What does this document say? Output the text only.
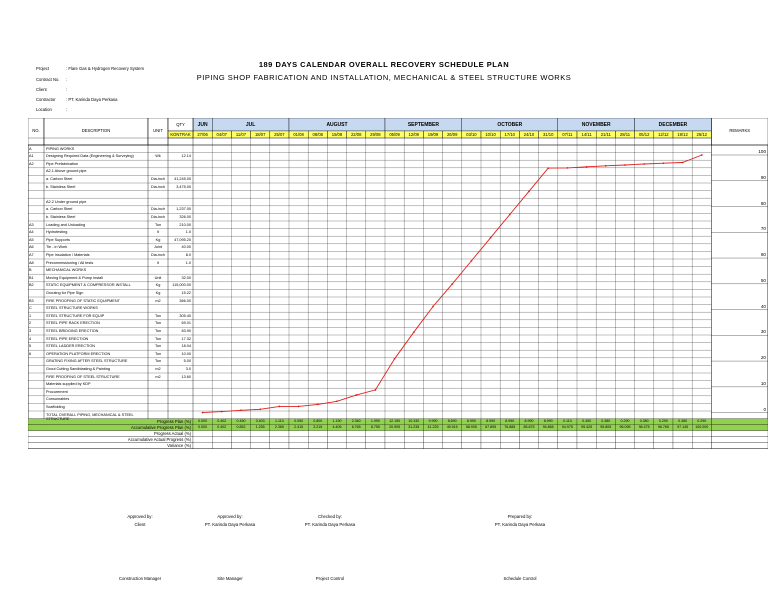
189 DAYS CALENDAR OVERALL RECOVERY SCHEDULE PLAN
PIPING SHOP FABRICATION AND INSTALLATION, MECHANICAL & STEEL STRUCTURE WORKS
Project	: Flare Gas & Hydrogen Recovery System
Contract No. :
Client	:
Contractor : PT. Karinda Daya Perkasa
Location	:
JUN	JUL	AUGUST	SEPTEMBER	OCTOBER	NOVEMBER	DECEMBER
27/06	04/07	11/07	18/07	25/07	01/08	08/08	15/08	22/08	29/08	05/09	12/09	19/09	26/09	03/10	10/10	17/10	24/10	31/10	07/11	14/11	21/11	28/11	05/12	12/12	19/12	26/12
NO.	DESCRIPTION	UNIT
QTY
KONTRAK
REMARKS
A	PIPING WORKS
A1	Designing Required Data (Engineering & Surveying)	Wk	12.14
A2	Pipe Prefabrication
A2.1 Above ground pipe
a. Carbon Steel	Dia-inch	41,245.00
b. Stainless Steel	Dia-inch	3,475.00
A2.2 Under ground pipe
a. Carbon Steel	Dia-inch	1,237.00
b. Stainless Steel	Dia-inch	326.00
A3	Loading and Unloading	Ton	210.00
A4	Hydrotesting	lt	1.0
A5	Pipe Supports	Kg	47,095.20
A6	Tie - in Work	Joint	40.00
A7	Pipe Insulation / Materials	Dia-inch	8.0
A8	Precommissioning / All tests	lt	1.0
B	MECHANICAL WORKS
B1	Moving Equipment & Pump Install	Unit	32.00
B2	STATIC EQUIPMENT & COMPRESSOR INSTALL	Kg	115,000.00
Grouting for Pipe Sign	Kg	15.22
B3	FIRE PROOFING OF STATIC EQUIPMENT	m2	366.00
C	STEEL STRUCTURE WORKS
1	STEEL STRUCTURE FOR EQUIP	Ton	305.40
2	STEEL PIPE RACK ERECTION	Ton	69.01
3	STEEL BRIDGING ERECTION	Ton	83.90
4	STEEL PIPE ERECTION	Ton	17.32
5	STEEL LADDER ERECTION	Ton	18.04
6	OPERATION PLATFORM ERECTION	Ton	10.00
GRATING FIXING AFTER STEEL STRUCTURE	Ton	5.00
Grout Cutting Sandblasting & Painting	m2	3.0
FIRE PROOFING OF STEEL STRUCTURE	m2	13.60
Materials supplied by KDP
Procurement
Consumables
Scaffolding
TOTAL OVERALL PIPING, MECHANICAL & STEEL STRUCTURE
100
90
80
70
60
50
40
30
20
10
0
Progress Plan (%)	0.000	0.402	0.450	0.403	1.110	0.050	0.800	1.190	2.360	1.990	12.150	10.330	9.990	8.690	8.990	8.990	8.990	8.990	8.990	0.110	0.450	0.380	0.290	0.380	0.290	0.380	0.290
Accumulative Progress Plan (%)	0.000	0.402	0.852	1.255	2.365	2.415	3.215	4.405	6.765	8.755	20.905	31.235	41.225	49.915	58.905	67.895	76.885	85.875	94.865	94.975	95.425	95.805	96.095	96.475	96.765	97.145	100.000
Progress Actual (%)
Accumulative Actual Progress (%)
Variance (%)
Approved by:
Client
Construction Manager
Approved by:
PT. Karinda Daya Perkasa
Site Manager
Checked by:
PT. Karinda Daya Perkasa
Project Control
Prepared by:
PT. Karinda Daya Perkasa
Schedule Control
